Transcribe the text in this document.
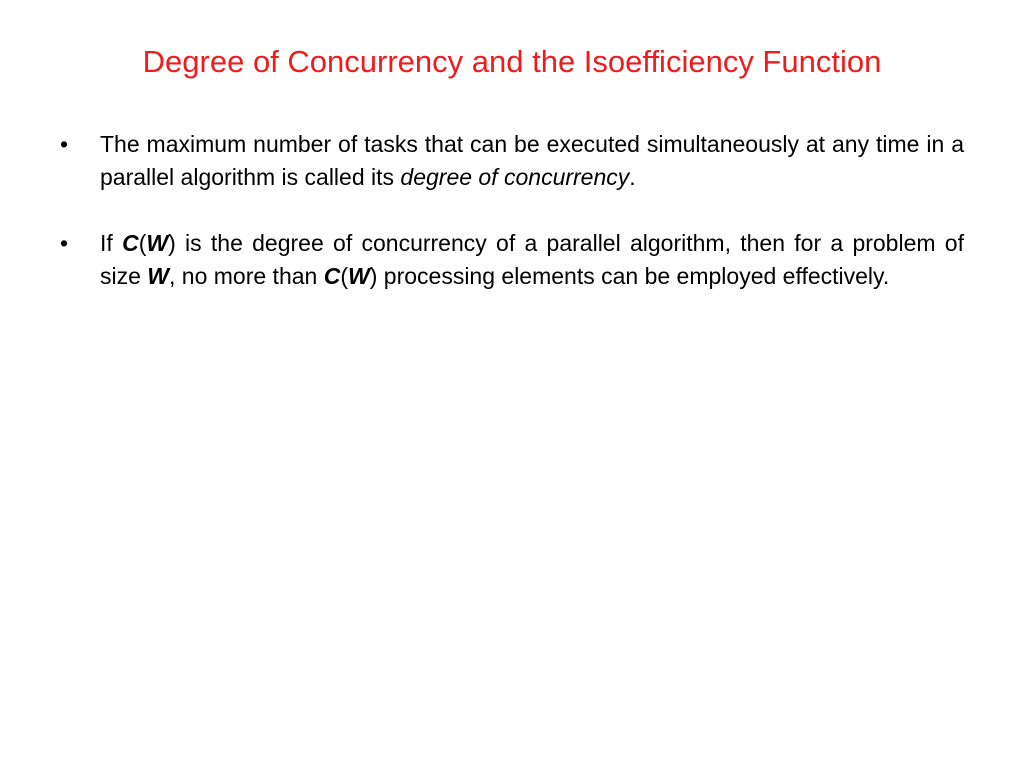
Degree of Concurrency and the Isoefficiency Function
•	The maximum number of tasks that can be executed simultaneously at any time in a parallel algorithm is called its degree of concurrency.
•	If C(W) is the degree of concurrency of a parallel algorithm, then for a problem of size W, no more than C(W) processing elements can be employed effectively.
